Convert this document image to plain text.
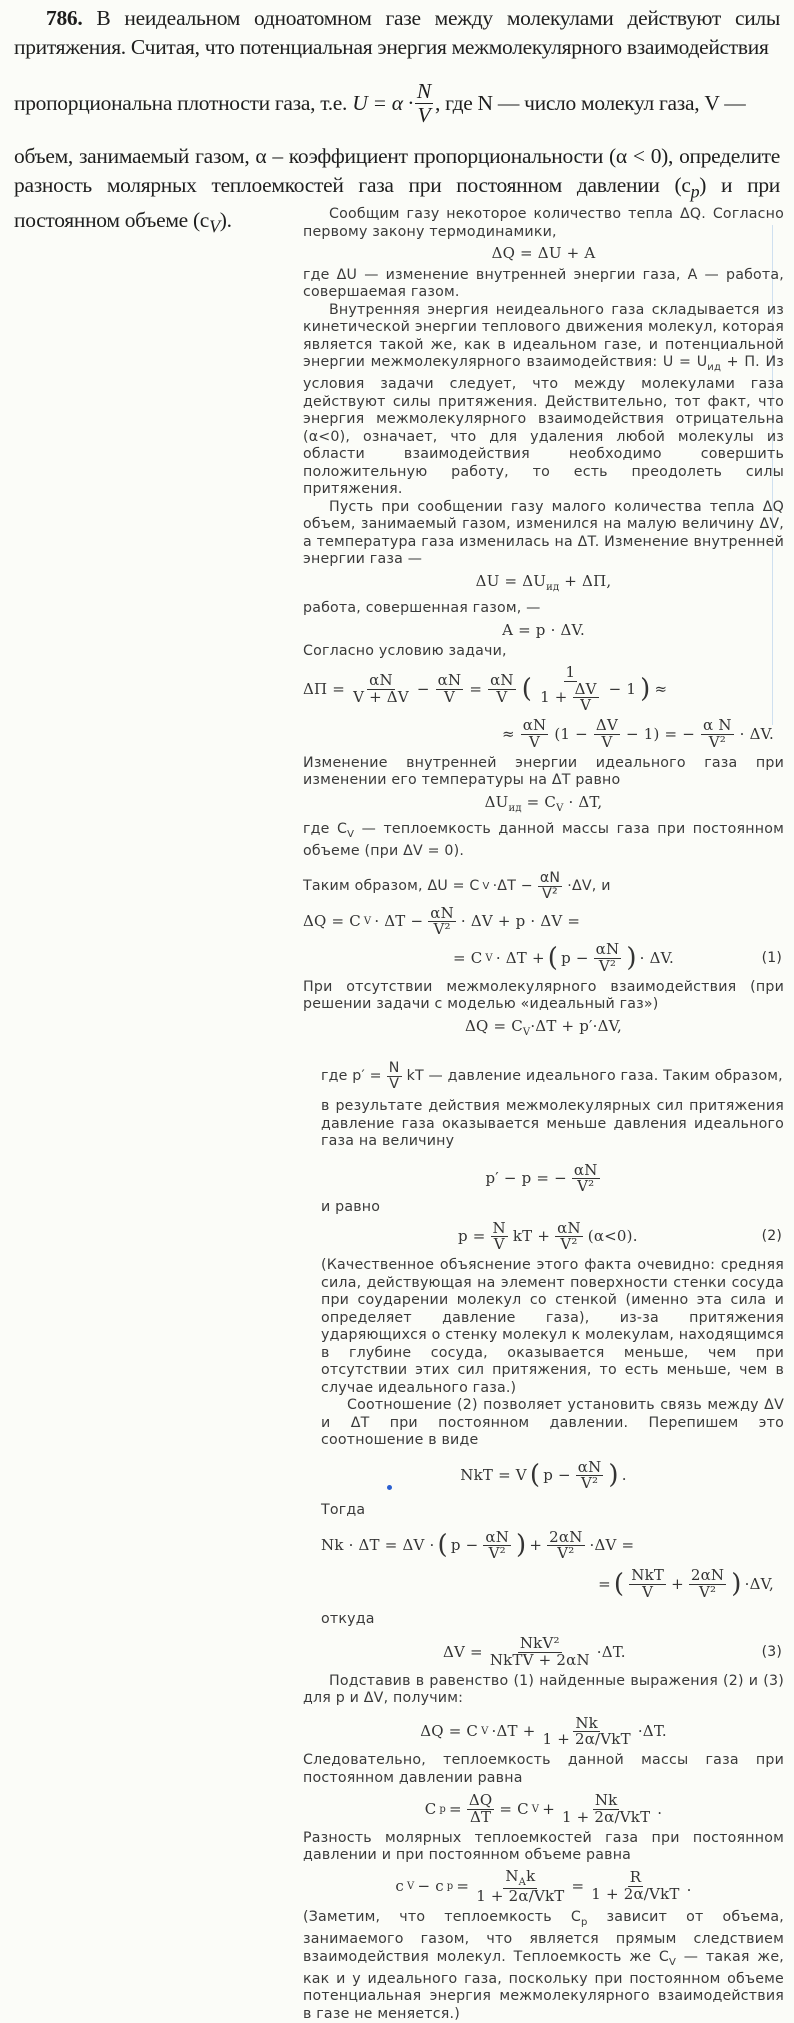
786. В неидеальном одноатомном газе между молекулами действуют силы притяжения. Считая, что потенциальная энергия межмолекулярного взаимодействия

пропорциональна плотности газа, т.е.
$U = \alpha \cdot \frac{N}{V}$ , где N — число молекул газа, V —

объем, занимаемый газом, α – коэффициент пропорциональности (α < 0), определите разность молярных теплоемкостей газа при постоянном давлении $(c_p)$ и при постоянном объеме $(c_V)$.	Сообщим газу некоторое количество тепла ΔQ. Согласно первому закону термодинамики,

ΔQ = ΔU + A

где ΔU — изменение внутренней энергии газа, A — работа, совершаемая газом.

Внутренняя энергия неидеального газа складывается из кинетической энергии теплового движения молекул, которая является такой же, как в идеальном газе, и потенциальной энергии межмолекулярного взаимодействия: $U = U_{ид} + П$. Из условия задачи следует, что между молекулами газа действуют силы притяжения. Действительно, тот факт, что энергия межмолекулярного взаимодействия отрицательна (α<0), означает, что для удаления любой молекулы из области взаимодействия необходимо совершить положительную работу, то есть преодолеть силы притяжения.

Пусть при сообщении газу малого количества тепла ΔQ объем, занимаемый газом, изменился на малую величину ΔV, а температура газа изменилась на ΔT. Изменение внутренней энергии газа —

$\Delta U = \Delta U_{ид} + \Delta П$,

работа, совершенная газом, —

A = p · ΔV.

Согласно условию задачи,

$\Delta П = \frac{\alpha N}{V + \Delta V} - \frac{\alpha N}{V} = \frac{\alpha N}{V}$ ( $\frac{1}{1 + \frac{\Delta V}{V}} - 1$ ) ≈
≈ $\frac{\alpha N}{V} (1 - \frac{\Delta V}{V} - 1)$ = − $\frac{\text{α N}}{\text{V²}} \cdot \Delta V$.

Изменение внутренней энергии идеального газа при изменении его температуры на ΔT равно

$\Delta U_{ид} = C_V \cdot \Delta T$,

где $C_V$ — теплоемкость данной массы газа при постоянном объеме (при ΔV = 0).

Таким образом, ΔU = C $V \cdot\Delta T - \frac{\alpha N}{\text{V²}} \cdot\Delta V$, и
ΔQ = C $V \cdot \Delta T - \frac{\alpha N}{\text{V²}} \cdot \Delta V + p \cdot \Delta V$ =
= C V · ΔT + ( $p - \frac{\alpha N}{\text{V²}}$ ) · ΔV.	(1)

При отсутствии межмолекулярного взаимодействия (при решении задачи с моделью «идеальный газ»)

$\Delta Q = C_V\cdot\Delta T + p'\cdot\Delta V$,
где $p' = \frac{N}{V}$ kT — давление идеального газа. Таким образом,

в результате действия межмолекулярных сил притяжения давление газа оказывается меньше давления идеального газа на величину

p′ − p = − $\frac{\alpha N}{\text{V²}}$

и равно

$p = \frac{N}{V}$ kT + $\frac{\alpha N}{\text{V²}} (\alpha<0)$.	(2)

(Качественное объяснение этого факта очевидно: средняя сила, действующая на элемент поверхности стенки сосуда при соударении молекул со стенкой (именно эта сила и определяет давление газа), из-за притяжения ударяющихся о стенку молекул к молекулам, находящимся в глубине сосуда, оказывается меньше, чем при отсутствии этих сил притяжения, то есть меньше, чем в случае идеального газа.)

Соотношение (2) позволяет установить связь между ΔV и ΔT при постоянном давлении. Перепишем это соотношение в виде

NkT = V ( $p - \frac{\alpha N}{\text{V²}}$ ) .

Тогда

Nk · ΔT = ΔV · ( $p - \frac{\alpha N}{\text{V²}}$ ) + $\frac{2\alpha N}{\text{V²}} \cdot\Delta V$ =
= ( $\frac{\text{NkT}}{V} + \frac{2\alpha N}{\text{V²}}$ ) ·ΔV,

откуда

$\Delta V = \frac{\text{NkV²}}{\text{NkTV + 2αN}} \cdot\Delta T$.	(3)

Подставив в равенство (1) найденные выражения (2) и (3) для p и ΔV, получим:

ΔQ = C $V \cdot\Delta T + \frac{Nk}{\text{1 + 2α/VkT}} \cdot\Delta T$.

Следовательно, теплоемкость данной массы газа при постоянном давлении равна

C $p = \frac{\Delta Q}{\Delta T} = C$ $V + \frac{Nk}{\text{1 + 2α/VkT}}$ .

Разность молярных теплоемкостей газа при постоянном давлении и при постоянном объеме равна

c V − c $p = \frac{N_Ak}{\text{1 + 2α/VkT}} = \frac{R}{\text{1 + 2α/VkT}}$ .

(Заметим, что теплоемкость $C_p$ зависит от объема, занимаемого газом, что является прямым следствием взаимодействия молекул. Теплоемкость же $C_V$ — такая же, как и у идеального газа, поскольку при постоянном объеме потенциальная энергия межмолекулярного взаимодействия в газе не меняется.)
